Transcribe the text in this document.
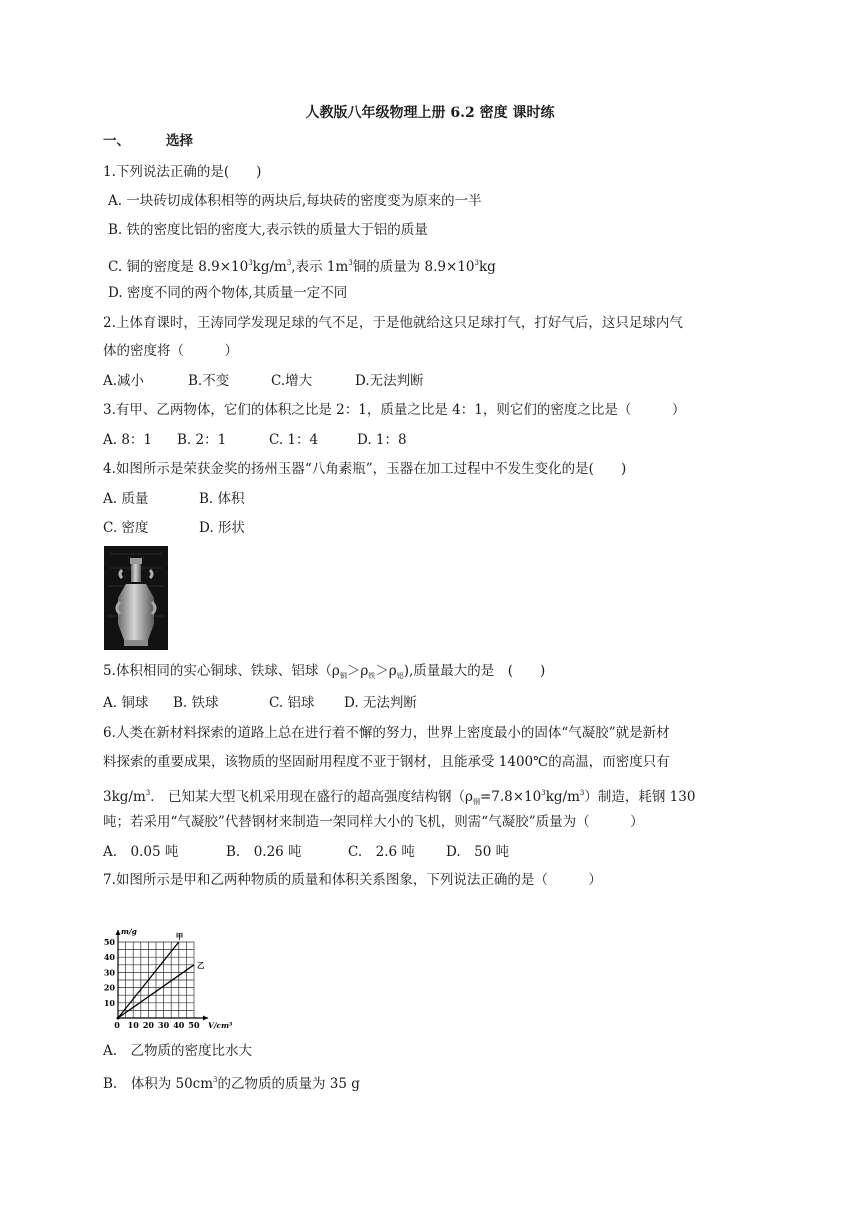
人教版八年级物理上册 6.2 密度 课时练
一、	选择
1.下列说法正确的是(　　)
A. 一块砖切成体积相等的两块后,每块砖的密度变为原来的一半
B. 铁的密度比铝的密度大,表示铁的质量大于铝的质量
C. 铜的密度是 $8.9\times 10^3kg/m^3$,表示 $1m^3$铜的质量为 $8.9\times 10^3kg$
D. 密度不同的两个物体,其质量一定不同
2.上体育课时，王涛同学发现足球的气不足，于是他就给这只足球打气，打好气后，这只足球内气
体的密度将（　　　）
A.减小	B.不变	C.增大	D.无法判断
3.有甲、乙两物体，它们的体积之比是 2：1，质量之比是 4：1，则它们的密度之比是（　　　）
A. 8：1 B. 2：1	C. 1：4	D. 1：8
4.如图所示是荣获金奖的扬州玉器“八角素瓶”，玉器在加工过程中不发生变化的是(　　)
A. 质量	B. 体积
C. 密度	D. 形状
5.体积相同的实心铜球、铁球、铝球$(\rho_铜>\rho_铁>\rho_铝)$,质量最大的是　(　　)
A. 铜球 B. 铁球	C. 铝球 D. 无法判断
6.人类在新材料探索的道路上总在进行着不懈的努力，世界上密度最小的固体“气凝胶”就是新材
料探索的重要成果，该物质的坚固耐用程度不亚于钢材，且能承受 1400℃的高温，而密度只有
$3kg/m^3$． 已知某大型飞机采用现在盛行的超高强度结构钢$(\rho_钢=7.8\times 10^3kg/m^3)$制造，耗钢 130
吨；若采用“气凝胶”代替钢材来制造一架同样大小的飞机，则需“气凝胶”质量为（　　　）
A.　0.05 吨	B.　0.26 吨	C.　2.6 吨 D.　50 吨
7.如图所示是甲和乙两种物质的质量和体积关系图象，下列说法正确的是（　　　）
0 10 20 30 40 50
10
20
30
40
50
V/cm³
m/g
甲
乙
A.　乙物质的密度比水大
B.　体积为 $50cm^3$的乙物质的质量为 35 g
